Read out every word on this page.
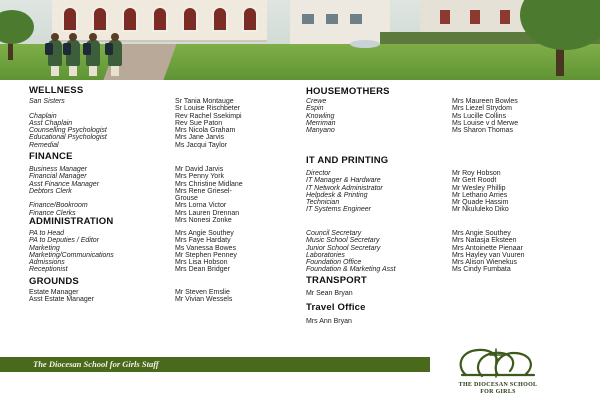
WELLNESS
San Sisters	Sr Tania Montauge
Sr Louise Rischbeter
Chaplain	Rev Rachel Ssekimpi
Asst Chaplain	Rev Sue Paton
Counselling Psychologist	Mrs Nicola Graham
Educational Psychologist	Mrs Jane Jarvis
Remedial	Ms Jacqui Taylor
FINANCE
Business Manager	Mr David Jarvis
Financial Manager	Mrs Penny York
Asst Finance Manager	Mrs Christine Midlane
Debtors Clerk	Mrs Rene Griesel-
Grouse
Finance/Bookroom	Mrs Lorna Victor
Finance Clerks	Mrs Lauren Drennan
Mrs Nonesi Zonke
ADMINISTRATION
PA to Head	Mrs Angie Southey
PA to Deputies / Editor	Mrs Faye Hardaty
Marketing	Ms Vanessa Bowes
Marketing/Communications	Mr Stephen Penney
Admissions	Mrs Lisa Hobson
Receptionist	Mrs Dean Bridger
GROUNDS
Estate Manager	Mr Steven Emslie
Asst Estate Manager	Mr Vivian Wessels
HOUSEMOTHERS
Crewe	Mrs Maureen Bowles
Espin	Mrs Liezel Strydom
Knowling	Ms Lucille Collins
Merriman	Ms Louise v d Merwe
Manyano	Ms Sharon Thomas
IT AND PRINTING
Director	Mr Roy Hobson
IT Manager & Hardware	Mr Gert Roodt
IT Network Administrator	Mr Wesley Phillip
Helpdesk & Printing	Mr Lethano Arries
Technician	Mr Quade Hassim
IT Systems Engineer	Mr Nkululeko Diko
Council Secretary	Mrs Angie Southey
Music School Secretary	Mrs Natasja Eksteen
Junior School Secretary	Mrs Antoinette Pienaar
Laboratories	Mrs Hayley van Vuuren
Foundation Office	Mrs Alison Wienekus
Foundation & Marketing Asst	Ms Cindy Fumbata
TRANSPORT
Mr Sean Bryan
Travel Office
Mrs Ann Bryan
The Diocesan School for Girls Staff
THE DIOCESAN SCHOOL
FOR GIRLS
